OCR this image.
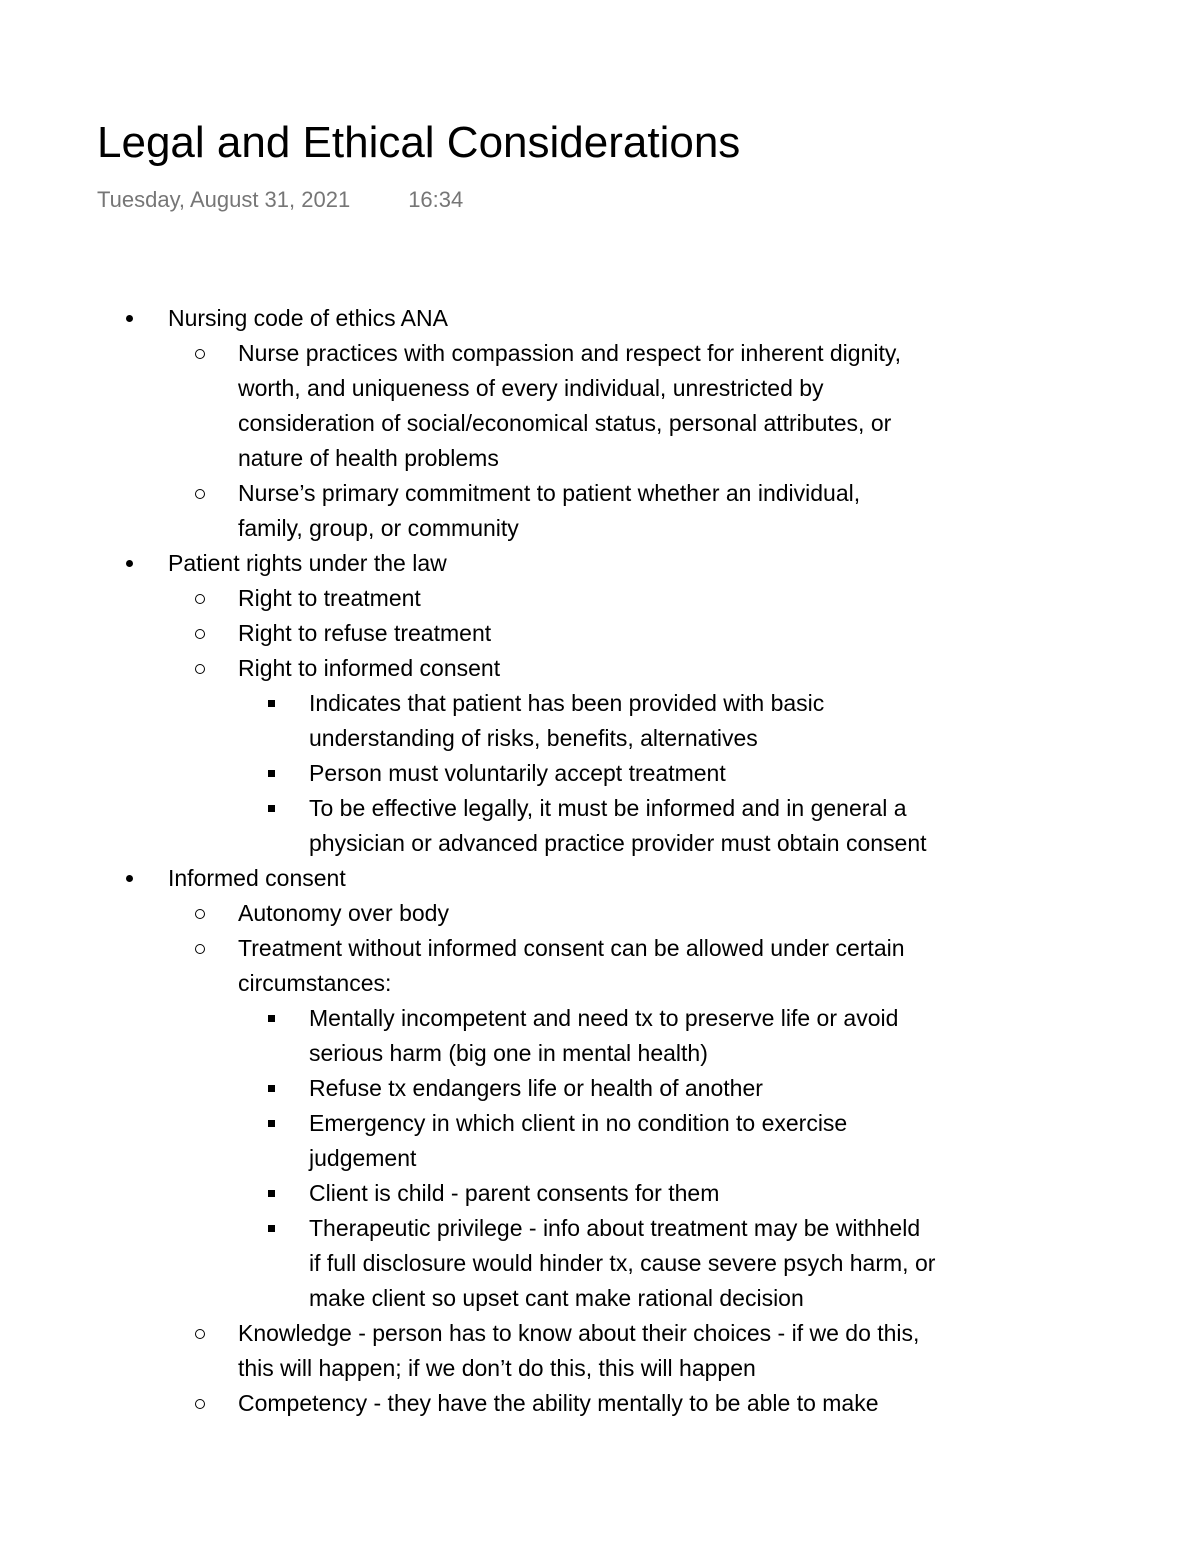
Legal and Ethical Considerations
Tuesday, August 31, 2021	16:34
Nursing code of ethics ANA
Nurse practices with compassion and respect for inherent dignity,
worth, and uniqueness of every individual, unrestricted by
consideration of social/economical status, personal attributes, or
nature of health problems
Nurse’s primary commitment to patient whether an individual,
family, group, or community
Patient rights under the law
Right to treatment
Right to refuse treatment
Right to informed consent
Indicates that patient has been provided with basic
understanding of risks, benefits, alternatives
Person must voluntarily accept treatment
To be effective legally, it must be informed and in general a
physician or advanced practice provider must obtain consent
Informed consent
Autonomy over body
Treatment without informed consent can be allowed under certain
circumstances:
Mentally incompetent and need tx to preserve life or avoid
serious harm (big one in mental health)
Refuse tx endangers life or health of another
Emergency in which client in no condition to exercise
judgement
Client is child - parent consents for them
Therapeutic privilege - info about treatment may be withheld
if full disclosure would hinder tx, cause severe psych harm, or
make client so upset cant make rational decision
Knowledge - person has to know about their choices - if we do this,
this will happen; if we don’t do this, this will happen
Competency - they have the ability mentally to be able to make
